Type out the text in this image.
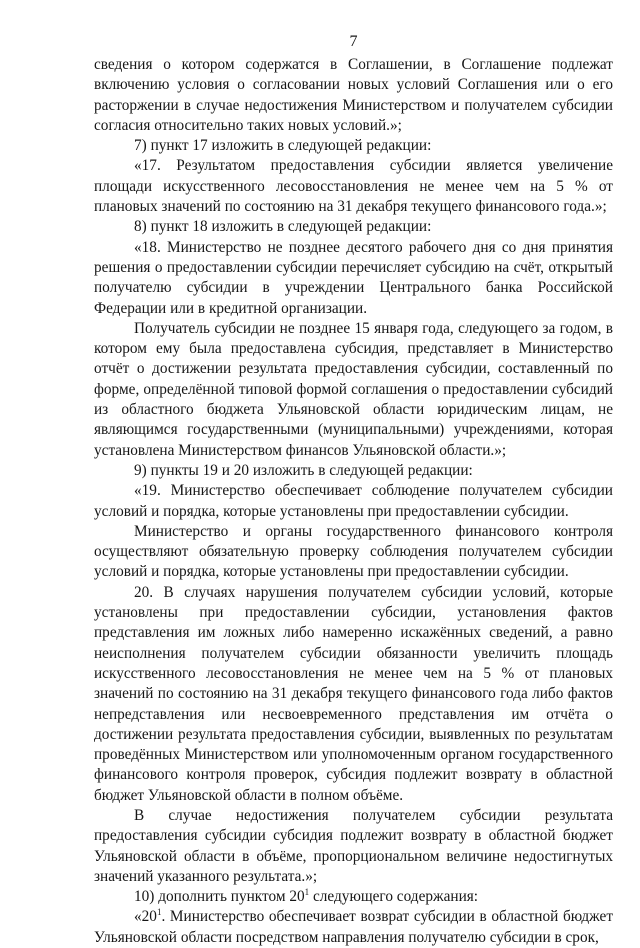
7

сведения о котором содержатся в Соглашении, в Соглашение подлежат включению условия о согласовании новых условий Соглашения или о его расторжении в случае недостижения Министерством и получателем субсидии согласия относительно таких новых условий.»;

7) пункт 17 изложить в следующей редакции:

«17. Результатом предоставления субсидии является увеличение площади искусственного лесовосстановления не менее чем на 5 % от плановых значений по состоянию на 31 декабря текущего финансового года.»;

8) пункт 18 изложить в следующей редакции:

«18. Министерство не позднее десятого рабочего дня со дня принятия решения о предоставлении субсидии перечисляет субсидию на счёт, открытый получателю субсидии в учреждении Центрального банка Российской Федерации или в кредитной организации.

Получатель субсидии не позднее 15 января года, следующего за годом, в котором ему была предоставлена субсидия, представляет в Министерство отчёт о достижении результата предоставления субсидии, составленный по форме, определённой типовой формой соглашения о предоставлении субсидий из областного бюджета Ульяновской области юридическим лицам, не являющимся государственными (муниципальными) учреждениями, которая установлена Министерством финансов Ульяновской области.»;

9) пункты 19 и 20 изложить в следующей редакции:

«19. Министерство обеспечивает соблюдение получателем субсидии условий и порядка, которые установлены при предоставлении субсидии.

Министерство и органы государственного финансового контроля осуществляют обязательную проверку соблюдения получателем субсидии условий и порядка, которые установлены при предоставлении субсидии.

20. В случаях нарушения получателем субсидии условий, которые установлены при предоставлении субсидии, установления фактов представления им ложных либо намеренно искажённых сведений, а равно неисполнения получателем субсидии обязанности увеличить площадь искусственного лесовосстановления не менее чем на 5 % от плановых значений по состоянию на 31 декабря текущего финансового года либо фактов непредставления или несвоевременного представления им отчёта о достижении результата предоставления субсидии, выявленных по результатам проведённых Министерством или уполномоченным органом государственного финансового контроля проверок, субсидия подлежит возврату в областной бюджет Ульяновской области в полном объёме.

В случае недостижения получателем субсидии результата предоставления субсидии субсидия подлежит возврату в областной бюджет Ульяновской области в объёме, пропорциональном величине недостигнутых значений указанного результата.»;

10) дополнить пунктом $20^1$ следующего содержания:

«$20^1$. Министерство обеспечивает возврат субсидии в областной бюджет Ульяновской области посредством направления получателю субсидии в срок,
